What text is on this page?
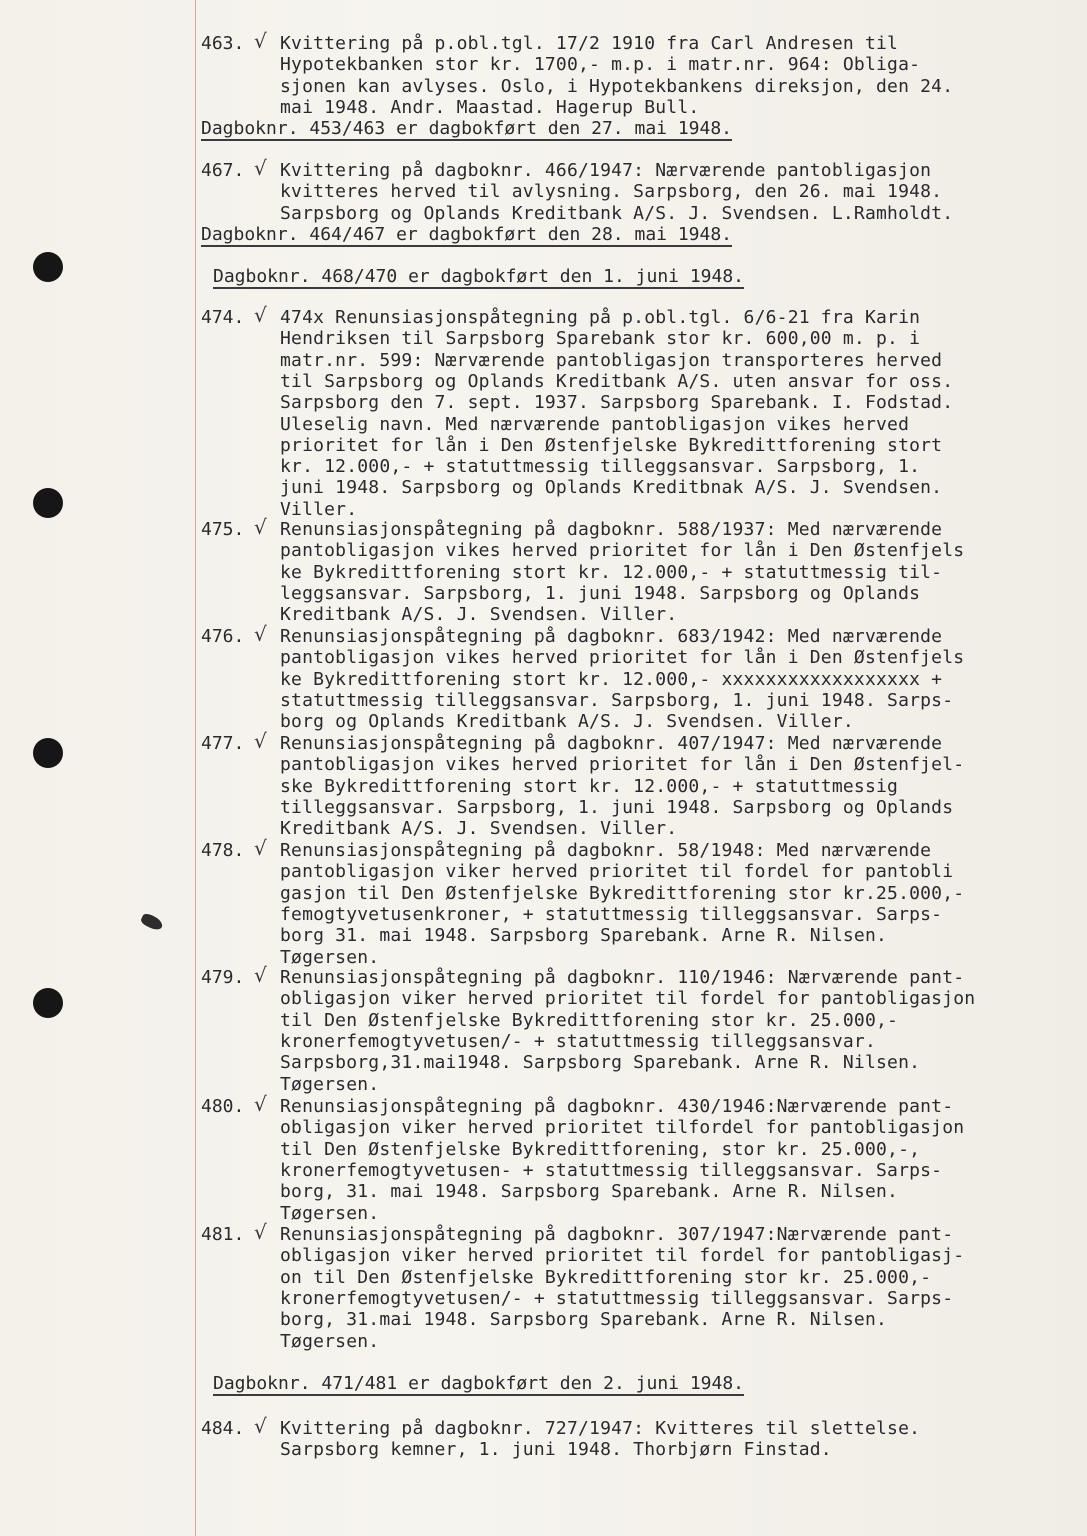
463. √ Kvittering på p.obl.tgl. 17/2 1910 fra Carl Andresen til
Hypotekbanken stor kr. 1700,- m.p. i matr.nr. 964: Obliga-
sjonen kan avlyses. Oslo, i Hypotekbankens direksjon, den 24.
mai 1948. Andr. Maastad. Hagerup Bull.
Dagboknr. 453/463 er dagbokført den 27. mai 1948.
467. √ Kvittering på dagboknr. 466/1947: Nærværende pantobligasjon
kvitteres herved til avlysning. Sarpsborg, den 26. mai 1948.
Sarpsborg og Oplands Kreditbank A/S. J. Svendsen. L.Ramholdt.
Dagboknr. 464/467 er dagbokført den 28. mai 1948.
Dagboknr. 468/470 er dagbokført den 1. juni 1948.
474. √ 474x Renunsiasjonspåtegning på p.obl.tgl. 6/6-21 fra Karin
Hendriksen til Sarpsborg Sparebank stor kr. 600,00 m. p. i
matr.nr. 599: Nærværende pantobligasjon transporteres herved
til Sarpsborg og Oplands Kreditbank A/S. uten ansvar for oss.
Sarpsborg den 7. sept. 1937. Sarpsborg Sparebank. I. Fodstad.
Uleselig navn. Med nærværende pantobligasjon vikes herved
prioritet for lån i Den Østenfjelske Bykredittforening stort
kr. 12.000,- + statuttmessig tilleggsansvar. Sarpsborg, 1.
juni 1948. Sarpsborg og Oplands Kreditbnak A/S. J. Svendsen.
Viller.
475. √ Renunsiasjonspåtegning på dagboknr. 588/1937: Med nærværende
pantobligasjon vikes herved prioritet for lån i Den Østenfjels
ke Bykredittforening stort kr. 12.000,- + statuttmessig til-
leggsansvar. Sarpsborg, 1. juni 1948. Sarpsborg og Oplands
Kreditbank A/S. J. Svendsen. Viller.
476. √ Renunsiasjonspåtegning på dagboknr. 683/1942: Med nærværende
pantobligasjon vikes herved prioritet for lån i Den Østenfjels
ke Bykredittforening stort kr. 12.000,- xxxxxxxxxxxxxxxxxx +
statuttmessig tilleggsansvar. Sarpsborg, 1. juni 1948. Sarps-
borg og Oplands Kreditbank A/S. J. Svendsen. Viller.
477. √ Renunsiasjonspåtegning på dagboknr. 407/1947: Med nærværende
pantobligasjon vikes herved prioritet for lån i Den Østenfjel-
ske Bykredittforening stort kr. 12.000,- + statuttmessig
tilleggsansvar. Sarpsborg, 1. juni 1948. Sarpsborg og Oplands
Kreditbank A/S. J. Svendsen. Viller.
478. √ Renunsiasjonspåtegning på dagboknr. 58/1948: Med nærværende
pantobligasjon viker herved prioritet til fordel for pantobli
gasjon til Den Østenfjelske Bykredittforening stor kr.25.000,-
femogtyvetusenkroner, + statuttmessig tilleggsansvar. Sarps-
borg 31. mai 1948. Sarpsborg Sparebank. Arne R. Nilsen.
Tøgersen.
479. √ Renunsiasjonspåtegning på dagboknr. 110/1946: Nærværende pant-
obligasjon viker herved prioritet til fordel for pantobligasjon
til Den Østenfjelske Bykredittforening stor kr. 25.000,-
kronerfemogtyvetusen/- + statuttmessig tilleggsansvar.
Sarpsborg,31.mai1948. Sarpsborg Sparebank. Arne R. Nilsen.
Tøgersen.
480. √ Renunsiasjonspåtegning på dagboknr. 430/1946:Nærværende pant-
obligasjon viker herved prioritet tilfordel for pantobligasjon
til Den Østenfjelske Bykredittforening, stor kr. 25.000,-,
kronerfemogtyvetusen- + statuttmessig tilleggsansvar. Sarps-
borg, 31. mai 1948. Sarpsborg Sparebank. Arne R. Nilsen.
Tøgersen.
481. √ Renunsiasjonspåtegning på dagboknr. 307/1947:Nærværende pant-
obligasjon viker herved prioritet til fordel for pantobligasj-
on til Den Østenfjelske Bykredittforening stor kr. 25.000,-
kronerfemogtyvetusen/- + statuttmessig tilleggsansvar. Sarps-
borg, 31.mai 1948. Sarpsborg Sparebank. Arne R. Nilsen.
Tøgersen.
Dagboknr. 471/481 er dagbokført den 2. juni 1948.
484. √ Kvittering på dagboknr. 727/1947: Kvitteres til slettelse.
Sarpsborg kemner, 1. juni 1948. Thorbjørn Finstad.
